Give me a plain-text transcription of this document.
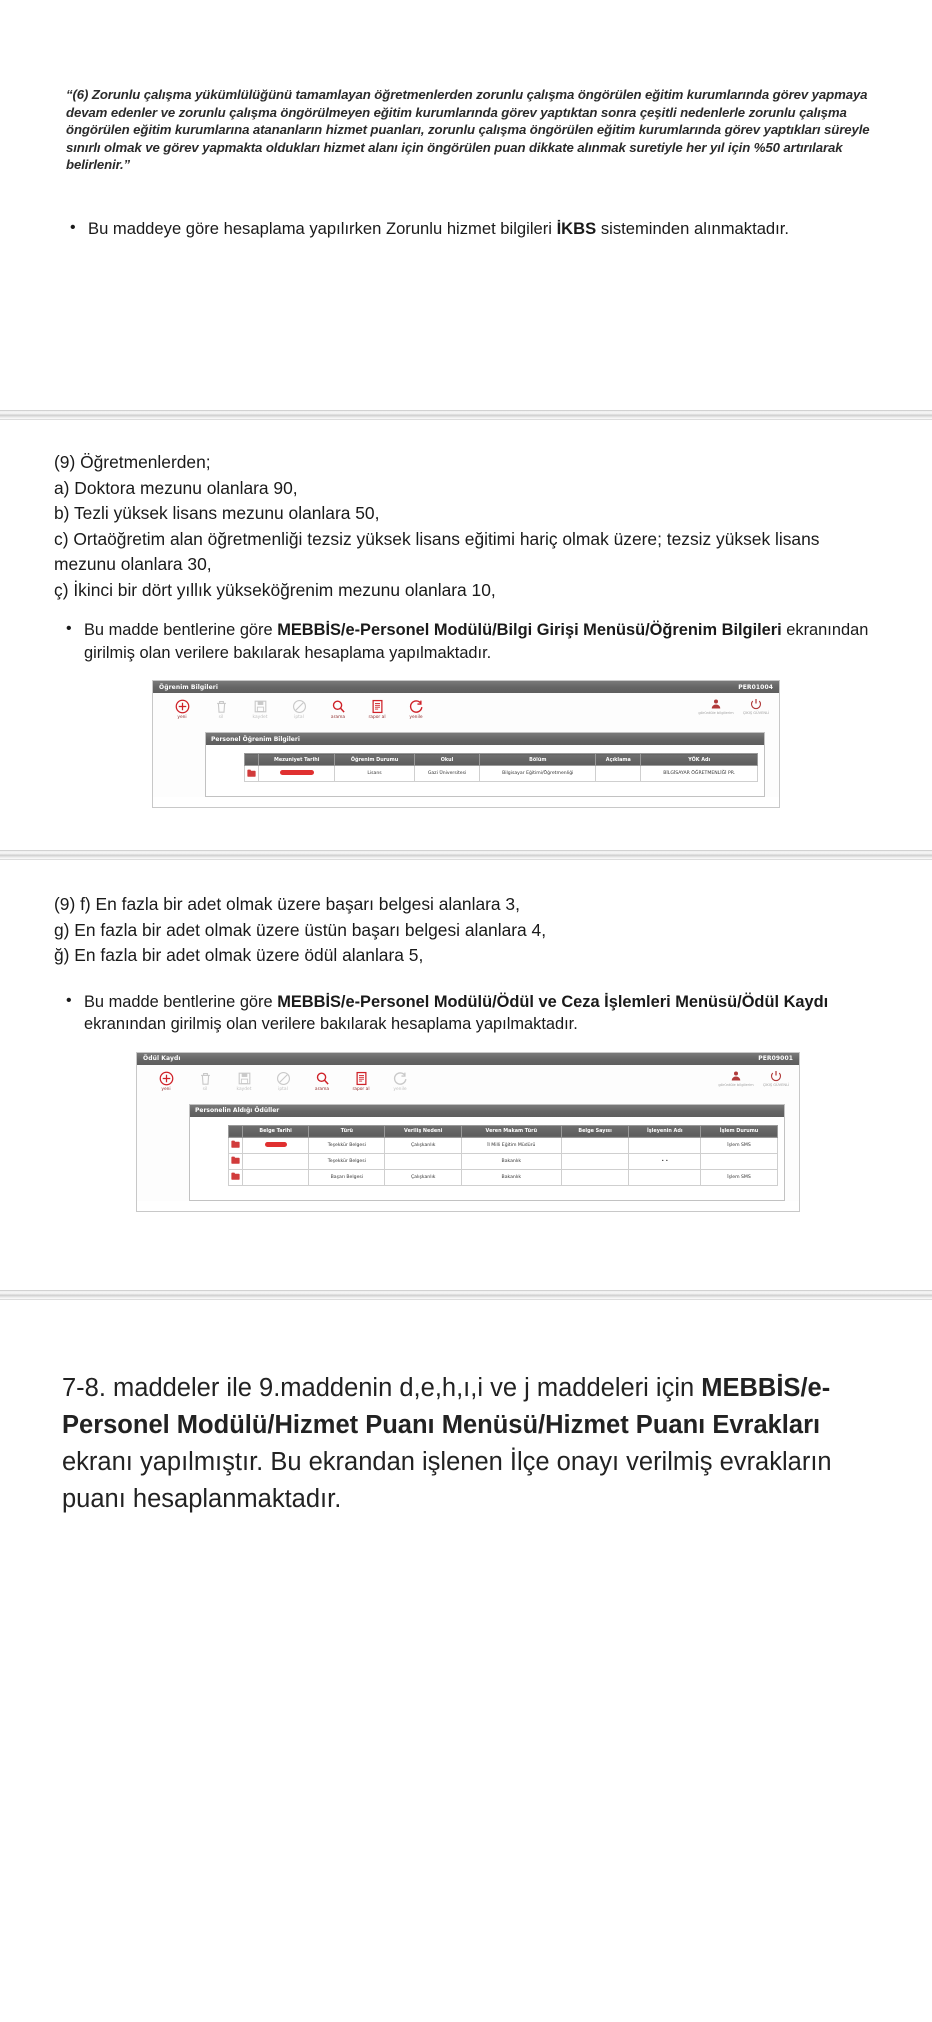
“(6) Zorunlu çalışma yükümlülüğünü tamamlayan öğretmenlerden zorunlu çalışma öngörülen eğitim kurumlarında görev yapmaya devam edenler ve zorunlu çalışma öngörülmeyen eğitim kurumlarında görev yaptıktan sonra çeşitli nedenlerle zorunlu çalışma öngörülen eğitim kurumlarına atananların hizmet puanları, zorunlu çalışma öngörülen eğitim kurumlarında görev yaptıkları süreyle sınırlı olmak ve görev yapmakta oldukları hizmet alanı için öngörülen puan dikkate alınmak suretiyle her yıl için %50 artırılarak belirlenir.”

• Bu maddeye göre hesaplama yapılırken Zorunlu hizmet bilgileri İKBS sisteminden alınmaktadır.
(9) Öğretmenlerden;
a) Doktora mezunu olanlara 90,
b) Tezli yüksek lisans mezunu olanlara 50,
c) Ortaöğretim alan öğretmenliği tezsiz yüksek lisans eğitimi hariç olmak üzere; tezsiz yüksek lisans mezunu olanlara 30,
ç) İkinci bir dört yıllık yükseköğrenim mezunu olanlara 10,
• Bu madde bentlerine göre MEBBİS/e-Personel Modülü/Bilgi Girişi Menüsü/Öğrenim Bilgileri ekranından girilmiş olan verilere bakılarak hesaplama yapılmaktadır.
Öğrenim Bilgileri	PER01004
yeni	sil	kaydet	iptal	arama	rapor al	yenile
görüntüle bilgilerim	ÇIKIŞ GÜVENLİ
Personel Öğrenim Bilgileri
	Mezuniyet Tarihi	Öğrenim Durumu	Okul	Bölüm	Açıklama	YÖK Adı
		Lisans	Gazi Üniversitesi	Bilgisayar Eğitimi/Öğretmenliği		BİLGİSAYAR ÖĞRETMENLİĞİ PR.
(9) f) En fazla bir adet olmak üzere başarı belgesi alanlara 3,
g) En fazla bir adet olmak üzere üstün başarı belgesi alanlara 4,
ğ) En fazla bir adet olmak üzere ödül alanlara 5,
• Bu madde bentlerine göre MEBBİS/e-Personel Modülü/Ödül ve Ceza İşlemleri Menüsü/Ödül Kaydı ekranından girilmiş olan verilere bakılarak hesaplama yapılmaktadır.
Ödül Kaydı	PER09001
yeni	sil	kaydet	iptal	arama	rapor al	yenile
görüntüle bilgilerim	ÇIKIŞ GÜVENLİ
Personelin Aldığı Ödüller
	Belge Tarihi	Türü	Veriliş Nedeni	Veren Makam Türü	Belge Sayısı	İşleyenin Adı	İşlem Durumu
		Teşekkür Belgesi	Çalışkanlık	İl Milli Eğitim Müdürü			İşlem SMS
		Teşekkür Belgesi		Bakanlık		• •	
		Başarı Belgesi	Çalışkanlık	Bakanlık			İşlem SMS

7-8. maddeler ile 9.maddenin d,e,h,ı,i ve j maddeleri için MEBBİS/e-Personel Modülü/Hizmet Puanı Menüsü/Hizmet Puanı Evrakları ekranı yapılmıştır. Bu ekrandan işlenen İlçe onayı verilmiş evrakların puanı hesaplanmaktadır.
